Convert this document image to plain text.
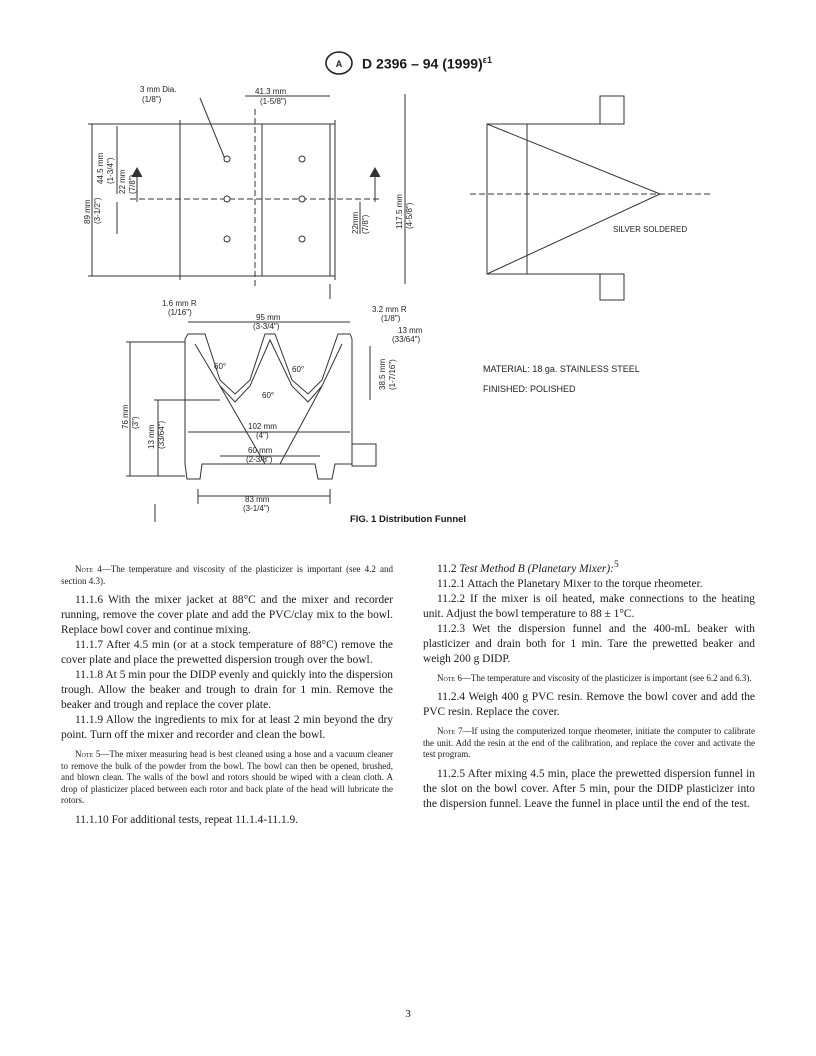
A D 2396 – 94 $(1999)^{\varepsilon 1}$
3 mm Dia.
(1/8")
41.3 mm
(1-5/8")
89 mm (3-1/2")
44.5 mm (1-3/4") 22 mm (7/8")
22mm (7/8")	117.5 mm (4-5/8")
SILVER SOLDERED
1.6 mm R
(1/16")
95 mm
(3-3/4")
3.2 mm R
(1/8")
13 mm
(33/64")
60°
60°
60°	38.5 mm (1-7/16")
76 mm (3")
13 mm (33/64")	102 mm
(4")
60 mm
(2-3/8")
83 mm
(3-1/4")
MATERIAL: 18 ga. STAINLESS STEEL
FINISHED: POLISHED
FIG. 1 Distribution Funnel

Note 4—The temperature and viscosity of the plasticizer is important (see 4.2 and section 4.3).

11.1.6 With the mixer jacket at 88°C and the mixer and recorder running, remove the cover plate and add the PVC/clay mix to the bowl. Replace bowl cover and continue mixing.

11.1.7 After 4.5 min (or at a stock temperature of 88°C) remove the cover plate and place the prewetted dispersion trough over the bowl.

11.1.8 At 5 min pour the DIDP evenly and quickly into the dispersion trough. Allow the beaker and trough to drain for 1 min. Remove the beaker and trough and replace the cover plate.

11.1.9 Allow the ingredients to mix for at least 2 min beyond the dry point. Turn off the mixer and recorder and clean the bowl.

Note 5—The mixer measuring head is best cleaned using a hose and a vacuum cleaner to remove the bulk of the powder from the bowl. The bowl can then be opened, brushed, and blown clean. The walls of the bowl and rotors should be wiped with a clean cloth. A drop of plasticizer placed between each rotor and back plate of the head will lubricate the rotors.

11.1.10 For additional tests, repeat 11.1.4-11.1.9.

11.2 Test Method B (Planetary Mixer):$^5$

11.2.1 Attach the Planetary Mixer to the torque rheometer.

11.2.2 If the mixer is oil heated, make connections to the heating unit. Adjust the bowl temperature to 88 ± 1°C.

11.2.3 Wet the dispersion funnel and the 400-mL beaker with plasticizer and drain both for 1 min. Tare the prewetted beaker and weigh 200 g DIDP.

Note 6—The temperature and viscosity of the plasticizer is important (see 6.2 and 6.3).

11.2.4 Weigh 400 g PVC resin. Remove the bowl cover and add the PVC resin. Replace the cover.

Note 7—If using the computerized torque rheometer, initiate the computer to calibrate the unit. Add the resin at the end of the calibration, and replace the cover and activate the test program.

11.2.5 After mixing 4.5 min, place the prewetted dispersion funnel in the slot on the bowl cover. After 5 min, pour the DIDP plasticizer into the dispersion funnel. Leave the funnel in place until the end of the test.

3
